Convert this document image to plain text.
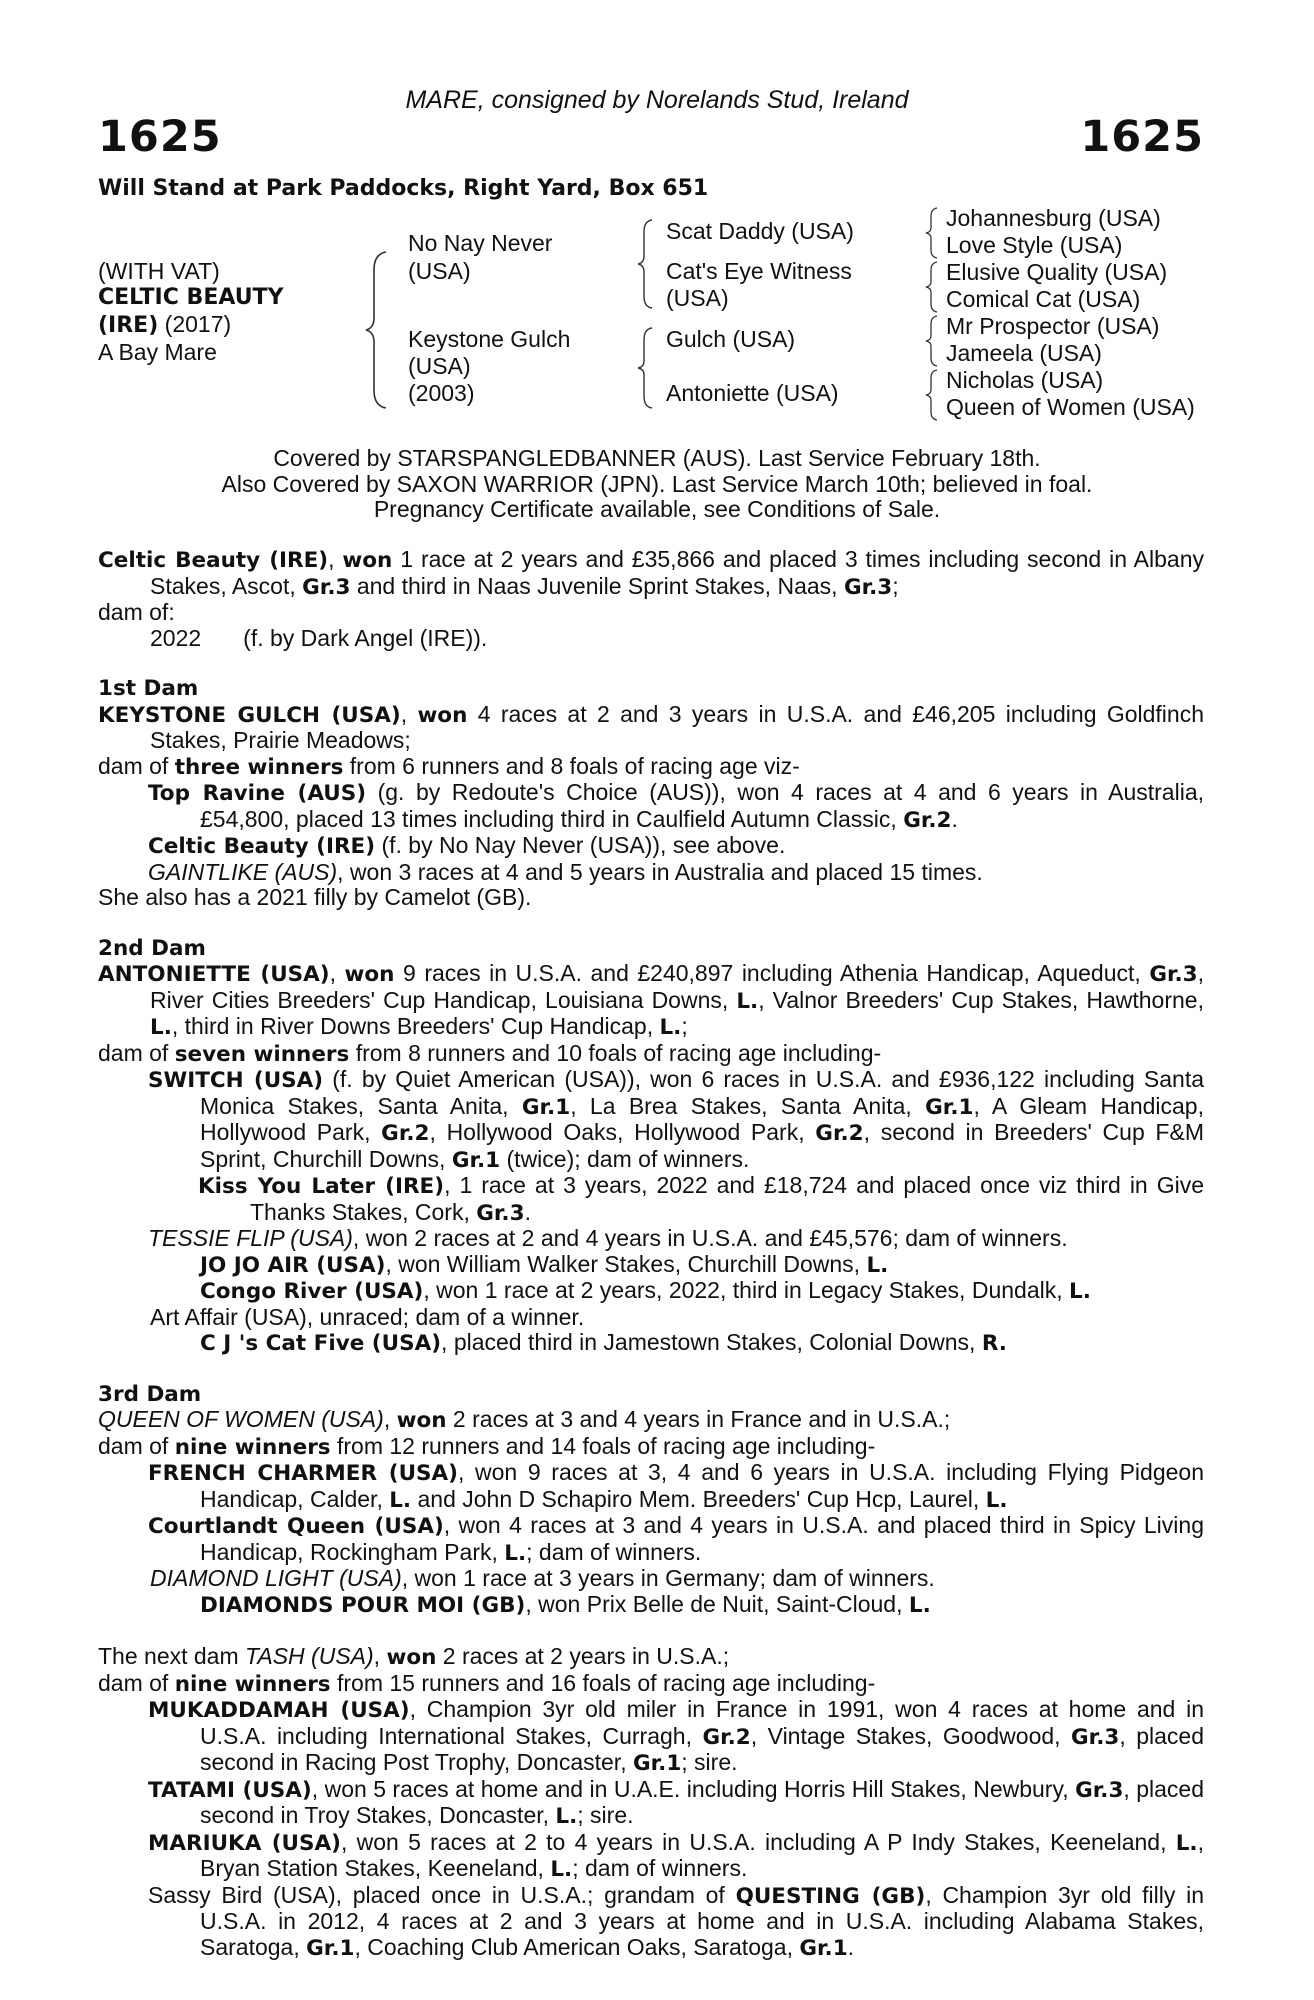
MARE, consigned by Norelands Stud, Ireland
1625	1625
Will Stand at Park Paddocks, Right Yard, Box 651
(WITH VAT)
CELTIC BEAUTY
(IRE) (2017)
A Bay Mare
No Nay Never
(USA)
Keystone Gulch
(USA)
(2003)
Scat Daddy (USA)
Cat's Eye Witness
(USA)
Gulch (USA)
Antoniette (USA)
Johannesburg (USA)
Love Style (USA)
Elusive Quality (USA)
Comical Cat (USA)
Mr Prospector (USA)
Jameela (USA)
Nicholas (USA)
Queen of Women (USA)
Covered by STARSPANGLEDBANNER (AUS). Last Service February 18th.
Also Covered by SAXON WARRIOR (JPN). Last Service March 10th; believed in foal.
Pregnancy Certificate available, see Conditions of Sale.
Celtic Beauty (IRE), won 1 race at 2 years and £35,866 and placed 3 times including second in Albany Stakes, Ascot, Gr.3 and third in Naas Juvenile Sprint Stakes, Naas, Gr.3;
dam of:
2022 (f. by Dark Angel (IRE)).
1st Dam
KEYSTONE GULCH (USA), won 4 races at 2 and 3 years in U.S.A. and £46,205 including Goldfinch Stakes, Prairie Meadows;
dam of three winners from 6 runners and 8 foals of racing age viz-
Top Ravine (AUS) (g. by Redoute's Choice (AUS)), won 4 races at 4 and 6 years in Australia, £54,800, placed 13 times including third in Caulfield Autumn Classic, Gr.2.
Celtic Beauty (IRE) (f. by No Nay Never (USA)), see above.
GAINTLIKE (AUS), won 3 races at 4 and 5 years in Australia and placed 15 times.
She also has a 2021 filly by Camelot (GB).
2nd Dam
ANTONIETTE (USA), won 9 races in U.S.A. and £240,897 including Athenia Handicap, Aqueduct, Gr.3, River Cities Breeders' Cup Handicap, Louisiana Downs, L., Valnor Breeders' Cup Stakes, Hawthorne, L., third in River Downs Breeders' Cup Handicap, L.;
dam of seven winners from 8 runners and 10 foals of racing age including-
SWITCH (USA) (f. by Quiet American (USA)), won 6 races in U.S.A. and £936,122 including Santa Monica Stakes, Santa Anita, Gr.1, La Brea Stakes, Santa Anita, Gr.1, A Gleam Handicap, Hollywood Park, Gr.2, Hollywood Oaks, Hollywood Park, Gr.2, second in Breeders' Cup F&M Sprint, Churchill Downs, Gr.1 (twice); dam of winners.
Kiss You Later (IRE), 1 race at 3 years, 2022 and £18,724 and placed once viz third in Give Thanks Stakes, Cork, Gr.3.
TESSIE FLIP (USA), won 2 races at 2 and 4 years in U.S.A. and £45,576; dam of winners.
JO JO AIR (USA), won William Walker Stakes, Churchill Downs, L.
Congo River (USA), won 1 race at 2 years, 2022, third in Legacy Stakes, Dundalk, L.
Art Affair (USA), unraced; dam of a winner.
C J 's Cat Five (USA), placed third in Jamestown Stakes, Colonial Downs, R.
3rd Dam
QUEEN OF WOMEN (USA), won 2 races at 3 and 4 years in France and in U.S.A.;
dam of nine winners from 12 runners and 14 foals of racing age including-
FRENCH CHARMER (USA), won 9 races at 3, 4 and 6 years in U.S.A. including Flying Pidgeon Handicap, Calder, L. and John D Schapiro Mem. Breeders' Cup Hcp, Laurel, L.
Courtlandt Queen (USA), won 4 races at 3 and 4 years in U.S.A. and placed third in Spicy Living Handicap, Rockingham Park, L.; dam of winners.
DIAMOND LIGHT (USA), won 1 race at 3 years in Germany; dam of winners.
DIAMONDS POUR MOI (GB), won Prix Belle de Nuit, Saint-Cloud, L.
The next dam TASH (USA), won 2 races at 2 years in U.S.A.;
dam of nine winners from 15 runners and 16 foals of racing age including-
MUKADDAMAH (USA), Champion 3yr old miler in France in 1991, won 4 races at home and in U.S.A. including International Stakes, Curragh, Gr.2, Vintage Stakes, Goodwood, Gr.3, placed second in Racing Post Trophy, Doncaster, Gr.1; sire.
TATAMI (USA), won 5 races at home and in U.A.E. including Horris Hill Stakes, Newbury, Gr.3, placed second in Troy Stakes, Doncaster, L.; sire.
MARIUKA (USA), won 5 races at 2 to 4 years in U.S.A. including A P Indy Stakes, Keeneland, L., Bryan Station Stakes, Keeneland, L.; dam of winners.
Sassy Bird (USA), placed once in U.S.A.; grandam of QUESTING (GB), Champion 3yr old filly in U.S.A. in 2012, 4 races at 2 and 3 years at home and in U.S.A. including Alabama Stakes, Saratoga, Gr.1, Coaching Club American Oaks, Saratoga, Gr.1.
